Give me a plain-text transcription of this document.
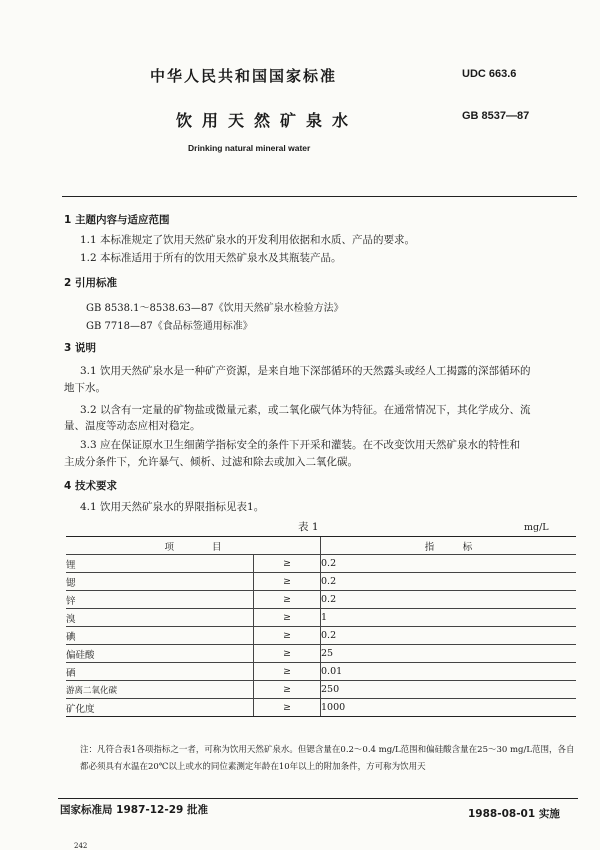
中华人民共和国国家标准	UDC 663.6
饮用天然矿泉水	GB 8537—87
Drinking natural mineral water
1 主题内容与适应范围
1.1 本标准规定了饮用天然矿泉水的开发利用依据和水质、产品的要求。
1.2 本标准适用于所有的饮用天然矿泉水及其瓶装产品。
2 引用标准
GB 8538.1～8538.63—87《饮用天然矿泉水检验方法》
GB 7718—87《食品标签通用标准》
3 说明
3.1 饮用天然矿泉水是一种矿产资源，是来自地下深部循环的天然露头或经人工揭露的深部循环的
地下水。
3.2 以含有一定量的矿物盐或微量元素，或二氧化碳气体为特征。在通常情况下，其化学成分、流
量、温度等动态应相对稳定。
3.3 应在保证原水卫生细菌学指标安全的条件下开采和灌装。在不改变饮用天然矿泉水的特性和
主成分条件下，允许暴气、倾析、过滤和除去或加入二氧化碳。
4 技术要求
4.1 饮用天然矿泉水的界限指标见表1。
表 1	mg/L
项　　　　目		指　　　标
锂	≥	0.2
锶	≥	0.2
锌	≥	0.2
溴	≥	1
碘	≥	0.2
偏硅酸	≥	25
硒	≥	0.01
游离二氧化碳	≥	250
矿化度	≥	1000
注：凡符合表1各项指标之一者，可称为饮用天然矿泉水。但锶含量在0.2～0.4 mg/L范围和偏硅酸含量在25～30 mg/L范围，各自都必须具有水温在20℃以上或水的同位素测定年龄在10年以上的附加条件，方可称为饮用天
国家标准局 1987-12-29 批准	1988-08-01 实施
242
